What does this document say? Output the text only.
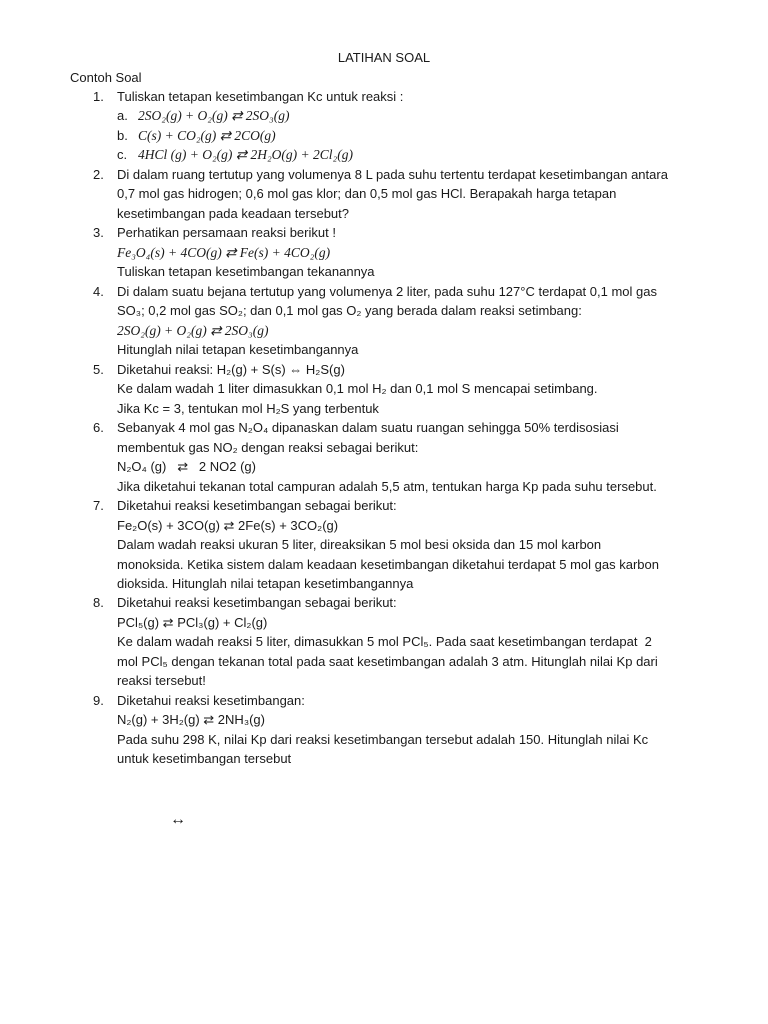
LATIHAN SOAL
Contoh Soal
1. Tuliskan tetapan kesetimbangan Kc untuk reaksi :
a. 2SO₂(g) + O₂(g) ⇄ 2SO₃(g)
b. C(s) + CO₂(g) ⇄ 2CO(g)
c. 4HCl (g) + O₂(g) ⇄ 2H₂O(g) + 2Cl₂(g)
2. Di dalam ruang tertutup yang volumenya 8 L pada suhu tertentu terdapat kesetimbangan antara
0,7 mol gas hidrogen; 0,6 mol gas klor; dan 0,5 mol gas HCl. Berapakah harga tetapan
kesetimbangan pada keadaan tersebut?
3. Perhatikan persamaan reaksi berikut !
Fe₃O₄(s) + 4CO(g) ⇄ Fe(s) + 4CO₂(g)
Tuliskan tetapan kesetimbangan tekanannya
4. Di dalam suatu bejana tertutup yang volumenya 2 liter, pada suhu 127°C terdapat 0,1 mol gas
SO₃; 0,2 mol gas SO₂; dan 0,1 mol gas O₂ yang berada dalam reaksi setimbang:
2SO₂(g) + O₂(g) ⇄ 2SO₃(g)
Hitunglah nilai tetapan kesetimbangannya
5. Diketahui reaksi: H₂(g) + S(s) ⇔ H₂S(g)
Ke dalam wadah 1 liter dimasukkan 0,1 mol H₂ dan 0,1 mol S mencapai setimbang.
Jika Kc = 3, tentukan mol H₂S yang terbentuk
6. Sebanyak 4 mol gas N₂O₄ dipanaskan dalam suatu ruangan sehingga 50% terdisosiasi
membentuk gas NO₂ dengan reaksi sebagai berikut:
N₂O₄ (g)   ⇄   2 NO2 (g)
Jika diketahui tekanan total campuran adalah 5,5 atm, tentukan harga Kp pada suhu tersebut.
7. Diketahui reaksi kesetimbangan sebagai berikut:
Fe₂O(s) + 3CO(g) ⇄ 2Fe(s) + 3CO₂(g)
Dalam wadah reaksi ukuran 5 liter, direaksikan 5 mol besi oksida dan 15 mol karbon
monoksida. Ketika sistem dalam keadaan kesetimbangan diketahui terdapat 5 mol gas karbon
dioksida. Hitunglah nilai tetapan kesetimbangannya
8. Diketahui reaksi kesetimbangan sebagai berikut:
PCl₅(g) ⇄ PCl₃(g) + Cl₂(g)
Ke dalam wadah reaksi 5 liter, dimasukkan 5 mol PCl₅. Pada saat kesetimbangan terdapat  2
mol PCl₅ dengan tekanan total pada saat kesetimbangan adalah 3 atm. Hitunglah nilai Kp dari
reaksi tersebut!
9. Diketahui reaksi kesetimbangan:
N₂(g) + 3H₂(g) ⇄ 2NH₃(g)
Pada suhu 298 K, nilai Kp dari reaksi kesetimbangan tersebut adalah 150. Hitunglah nilai Kc
untuk kesetimbangan tersebut
↔
